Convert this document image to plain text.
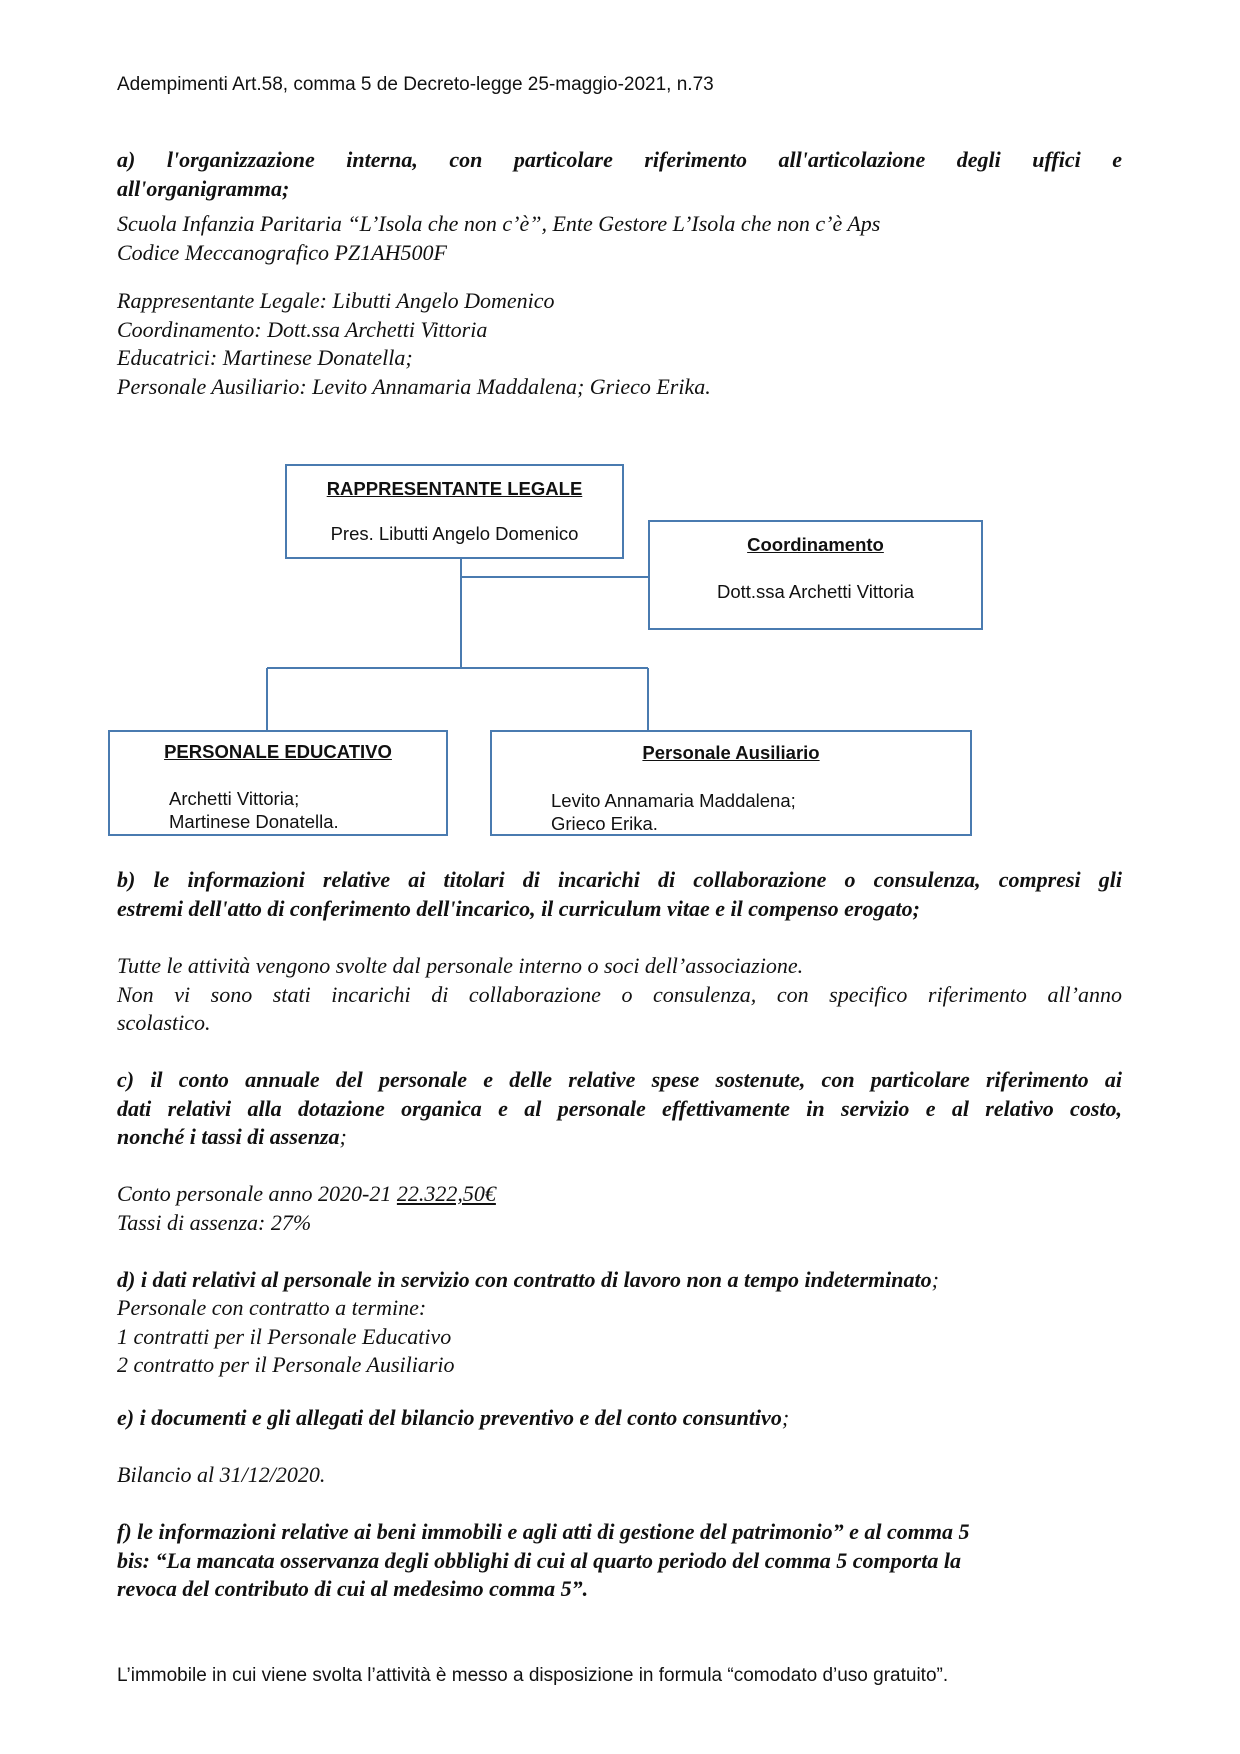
Adempimenti Art.58, comma 5 de Decreto-legge 25-maggio-2021, n.73
a) l'organizzazione interna, con particolare riferimento all'articolazione degli uffici e
all'organigramma;
Scuola Infanzia Paritaria “L’Isola che non c’è”, Ente Gestore L’Isola che non c’è Aps
Codice Meccanografico PZ1AH500F
Rappresentante Legale: Libutti Angelo Domenico
Coordinamento: Dott.ssa Archetti Vittoria
Educatrici: Martinese Donatella;
Personale Ausiliario: Levito Annamaria Maddalena; Grieco Erika.
RAPPRESENTANTE LEGALE
Pres. Libutti Angelo Domenico
Coordinamento
Dott.ssa Archetti Vittoria
PERSONALE EDUCATIVO
Archetti Vittoria;
Martinese Donatella.
Personale Ausiliario
Levito Annamaria Maddalena;
Grieco Erika.
b) le informazioni relative ai titolari di incarichi di collaborazione o consulenza, compresi gli
estremi dell'atto di conferimento dell'incarico, il curriculum vitae e il compenso erogato;
Tutte le attività vengono svolte dal personale interno o soci dell’associazione.
Non vi sono stati incarichi di collaborazione o consulenza, con specifico riferimento all’anno
scolastico.
c) il conto annuale del personale e delle relative spese sostenute, con particolare riferimento ai
dati relativi alla dotazione organica e al personale effettivamente in servizio e al relativo costo,
nonché i tassi di assenza;
Conto personale anno 2020-21 22.322,50€
Tassi di assenza: 27%
d) i dati relativi al personale in servizio con contratto di lavoro non a tempo indeterminato;
Personale con contratto a termine:
1 contratti per il Personale Educativo
2 contratto per il Personale Ausiliario
e) i documenti e gli allegati del bilancio preventivo e del conto consuntivo;
Bilancio al 31/12/2020.
f) le informazioni relative ai beni immobili e agli atti di gestione del patrimonio” e al comma 5
bis: “La mancata osservanza degli obblighi di cui al quarto periodo del comma 5 comporta la
revoca del contributo di cui al medesimo comma 5”.
L’immobile in cui viene svolta l’attività è messo a disposizione in formula “comodato d’uso gratuito”.
